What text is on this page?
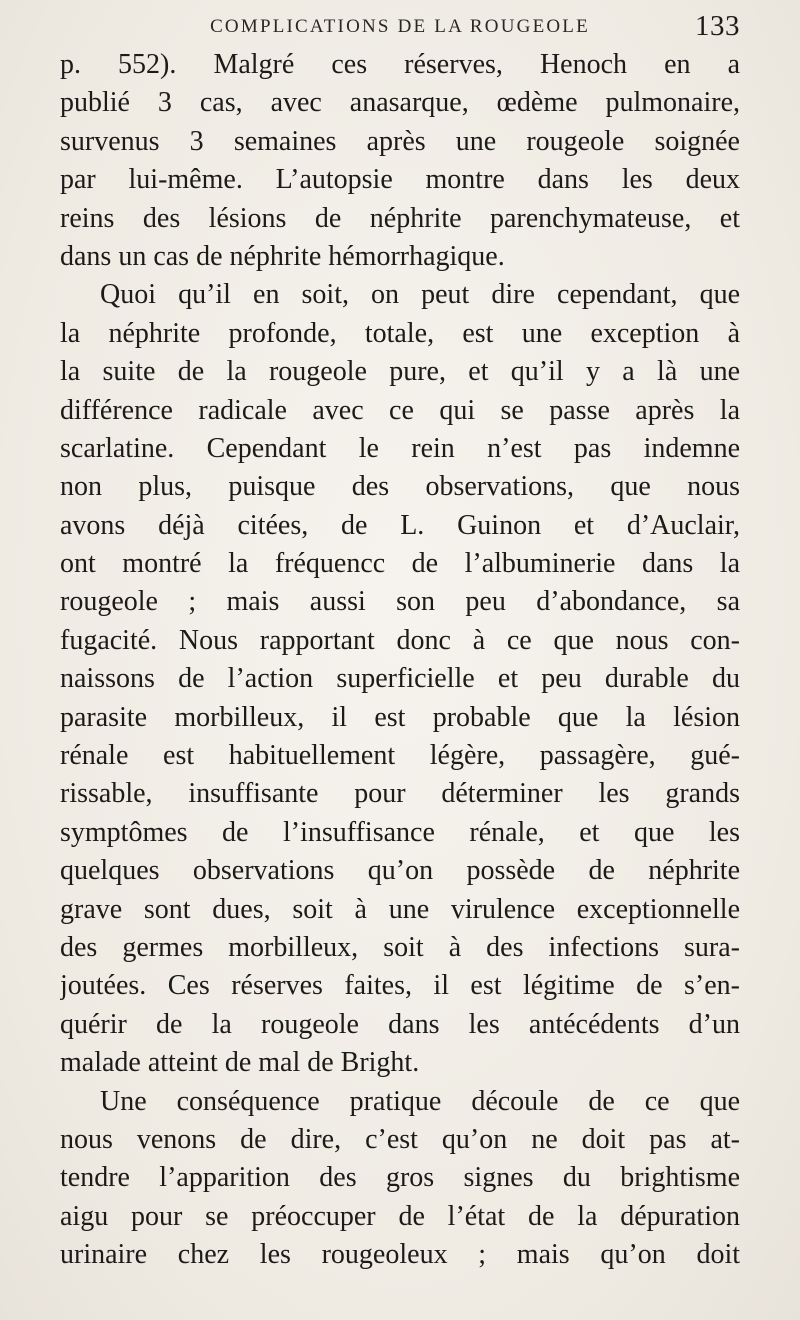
COMPLICATIONS DE LA ROUGEOLE	133
p. 552). Malgré ces réserves, Henoch en a
publié 3 cas, avec anasarque, œdème pulmonaire,
survenus 3 semaines après une rougeole soignée
par lui-même. L’autopsie montre dans les deux
reins des lésions de néphrite parenchymateuse, et
dans un cas de néphrite hémorrhagique.
Quoi qu’il en soit, on peut dire cependant, que
la néphrite profonde, totale, est une exception à
la suite de la rougeole pure, et qu’il y a là une
différence radicale avec ce qui se passe après la
scarlatine. Cependant le rein n’est pas indemne
non plus, puisque des observations, que nous
avons déjà citées, de L. Guinon et d’Auclair,
ont montré la fréquencc de l’albuminerie dans la
rougeole ; mais aussi son peu d’abondance, sa
fugacité. Nous rapportant donc à ce que nous con-
naissons de l’action superficielle et peu durable du
parasite morbilleux, il est probable que la lésion
rénale est habituellement légère, passagère, gué-
rissable, insuffisante pour déterminer les grands
symptômes de l’insuffisance rénale, et que les
quelques observations qu’on possède de néphrite
grave sont dues, soit à une virulence exceptionnelle
des germes morbilleux, soit à des infections sura-
joutées. Ces réserves faites, il est légitime de s’en-
quérir de la rougeole dans les antécédents d’un
malade atteint de mal de Bright.
Une conséquence pratique découle de ce que
nous venons de dire, c’est qu’on ne doit pas at-
tendre l’apparition des gros signes du brightisme
aigu pour se préoccuper de l’état de la dépuration
urinaire chez les rougeoleux ; mais qu’on doit
